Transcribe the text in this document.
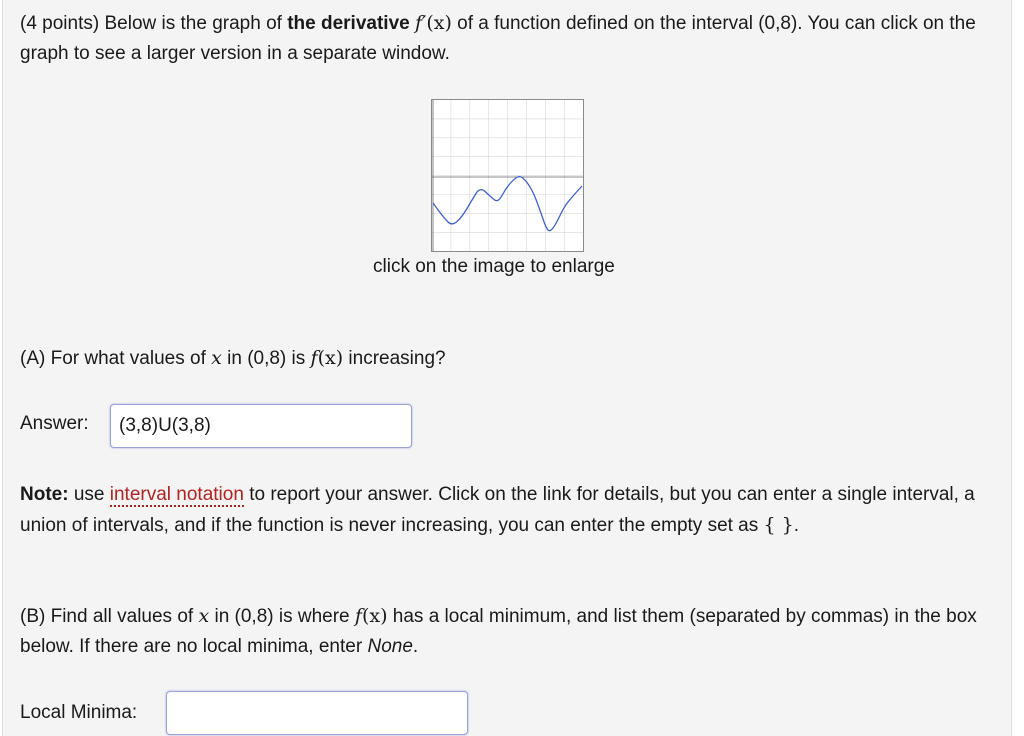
(4 points) Below is the graph of the derivative f′(x) of a function defined on the interval (0,8). You can click on the graph to see a larger version in a separate window.
click on the image to enlarge
(A) For what values of x in (0,8) is f(x) increasing?
Answer:	(3,8)U(3,8)
Note: use interval notation to report your answer. Click on the link for details, but you can enter a single interval, a union of intervals, and if the function is never increasing, you can enter the empty set as { }.
(B) Find all values of x in (0,8) is where f(x) has a local minimum, and list them (separated by commas) in the box below. If there are no local minima, enter None.
Local Minima:
